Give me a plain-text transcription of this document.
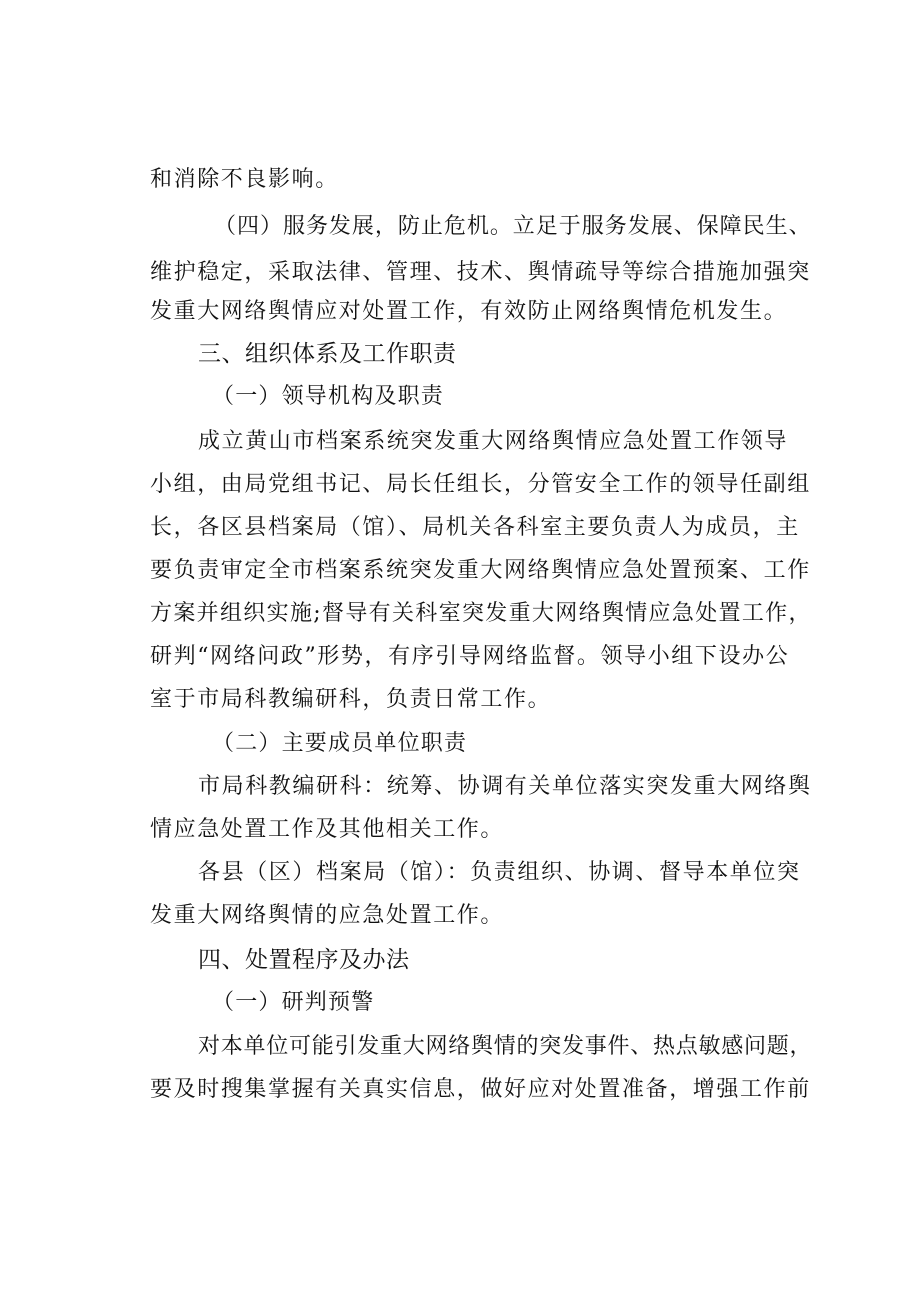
和消除不良影响。

（四）服务发展，防止危机。立足于服务发展、保障民生、

维护稳定，采取法律、管理、技术、舆情疏导等综合措施加强突

发重大网络舆情应对处置工作，有效防止网络舆情危机发生。

三、组织体系及工作职责

（一）领导机构及职责

成立黄山市档案系统突发重大网络舆情应急处置工作领导

小组，由局党组书记、局长任组长，分管安全工作的领导任副组

长，各区县档案局（馆）、局机关各科室主要负责人为成员，主

要负责审定全市档案系统突发重大网络舆情应急处置预案、工作

方案并组织实施;督导有关科室突发重大网络舆情应急处置工作，

研判“网络问政”形势，有序引导网络监督。领导小组下设办公

室于市局科教编研科，负责日常工作。

（二）主要成员单位职责

市局科教编研科：统筹、协调有关单位落实突发重大网络舆

情应急处置工作及其他相关工作。

各县（区）档案局（馆）：负责组织、协调、督导本单位突

发重大网络舆情的应急处置工作。

四、处置程序及办法

（一）研判预警

对本单位可能引发重大网络舆情的突发事件、热点敏感问题，

要及时搜集掌握有关真实信息，做好应对处置准备，增强工作前
